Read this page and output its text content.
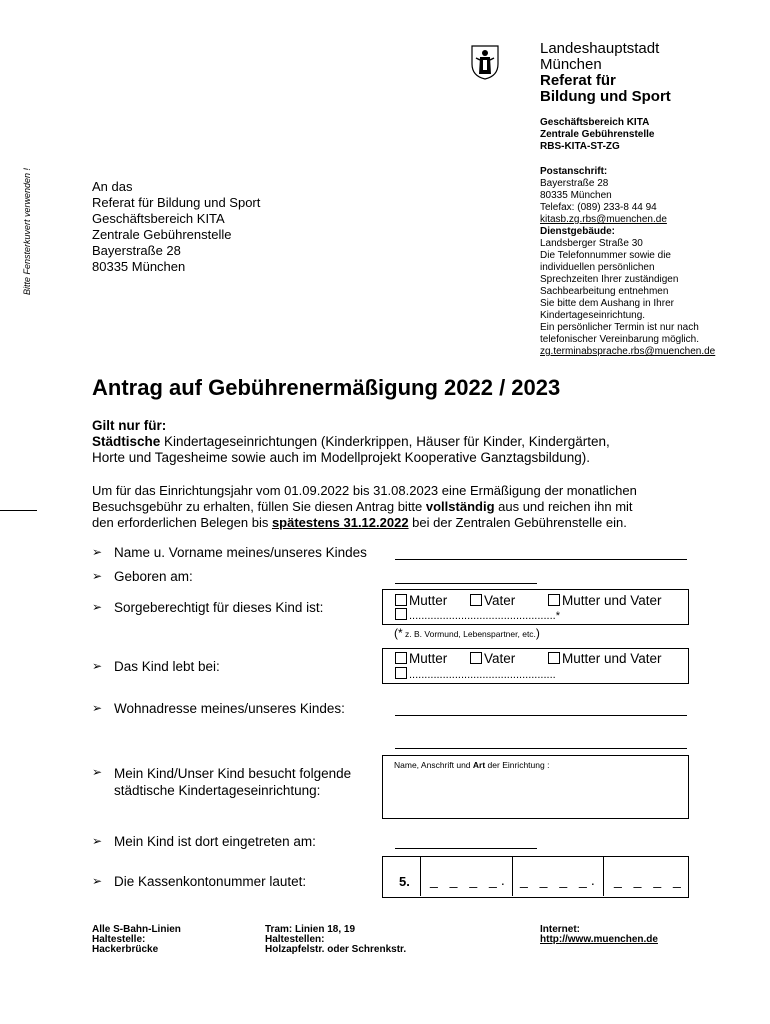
Landeshauptstadt
München
Referat für
Bildung und Sport
Geschäftsbereich KITA
Zentrale Gebührenstelle
RBS-KITA-ST-ZG
Postanschrift:
Bayerstraße 28
80335 München
Telefax: (089) 233-8 44 94
kitasb.zg.rbs@muenchen.de
Dienstgebäude:
Landsberger Straße 30
Die Telefonnummer sowie die
individuellen persönlichen
Sprechzeiten Ihrer zuständigen
Sachbearbeitung entnehmen
Sie bitte dem Aushang in Ihrer
Kindertageseinrichtung.
Ein persönlicher Termin ist nur nach
telefonischer Vereinbarung möglich.
zg.terminabsprache.rbs@muenchen.de
Bitte Fensterkuvert verwenden !	An das
Referat für Bildung und Sport
Geschäftsbereich KITA
Zentrale Gebührenstelle
Bayerstraße 28
80335 München
Antrag auf Gebührenermäßigung 2022 / 2023
Gilt nur für:
Städtische Kindertageseinrichtungen (Kinderkrippen, Häuser für Kinder, Kindergärten,
Horte und Tagesheime sowie auch im Modellprojekt Kooperative Ganztagsbildung).
Um für das Einrichtungsjahr vom 01.09.2022 bis 31.08.2023 eine Ermäßigung der monatlichen
Besuchsgebühr zu erhalten, füllen Sie diesen Antrag bitte vollständig aus und reichen ihn mit
den erforderlichen Belegen bis spätestens 31.12.2022 bei der Zentralen Gebührenstelle ein.
➢ Name u. Vorname meines/unseres Kindes
➢ Geboren am:
➢ Sorgeberechtigt für dieses Kind ist:	Mutter	Vater	Mutter und Vater
................................................*
(* z. B. Vormund, Lebenspartner, etc.)
➢ Das Kind lebt bei:
Mutter	Vater	Mutter und Vater
................................................
➢ Wohnadresse meines/unseres Kindes:
➢ Mein Kind/Unser Kind besucht folgende
städtische Kindertageseinrichtung:
Name, Anschrift und Art der Einrichtung :
➢ Mein Kind ist dort eingetreten am:
➢ Die Kassenkontonummer lautet:	5. _ _ _ _. _ _ _ _. _ _ _ _
Alle S-Bahn-Linien
Haltestelle:
Hackerbrücke
Tram: Linien 18, 19
Haltestellen:
Holzapfelstr. oder Schrenkstr.
Internet:
http://www.muenchen.de
